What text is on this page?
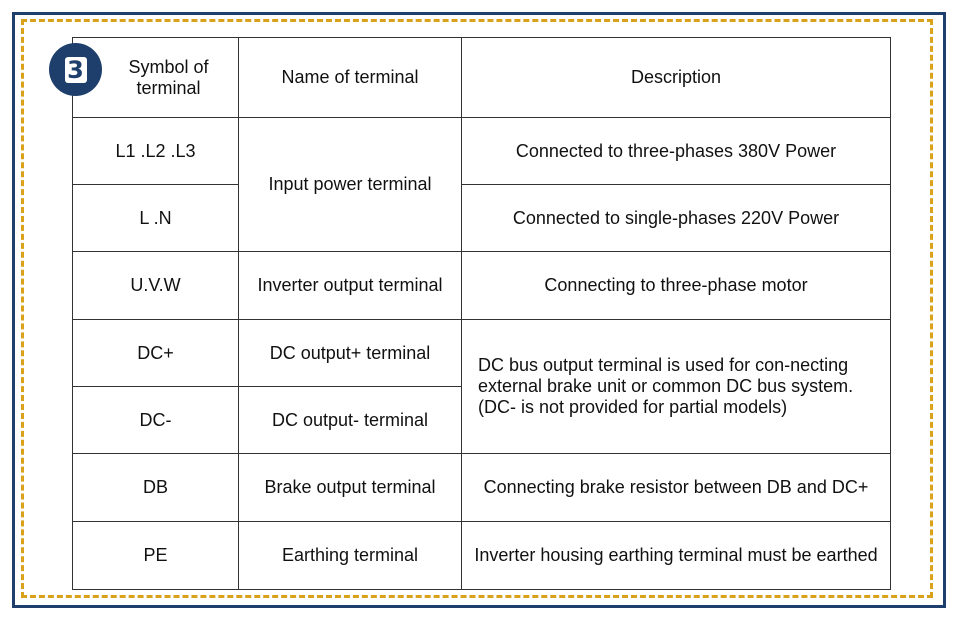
3 Symbol of terminal	Name of terminal	Description
L1 .L2 .L3	Input power terminal	Connected to three-phases 380V Power
L .N		Connected to single-phases 220V Power
U.V.W	Inverter output terminal	Connecting to three-phase motor
DC+	DC output+ terminal	DC bus output terminal is used for con-necting external brake unit or common DC bus system. (DC- is not provided for partial models)
DC-	DC output- terminal	
DB	Brake output terminal	Connecting brake resistor between DB and DC+
PE	Earthing terminal	Inverter housing earthing terminal must be earthed
